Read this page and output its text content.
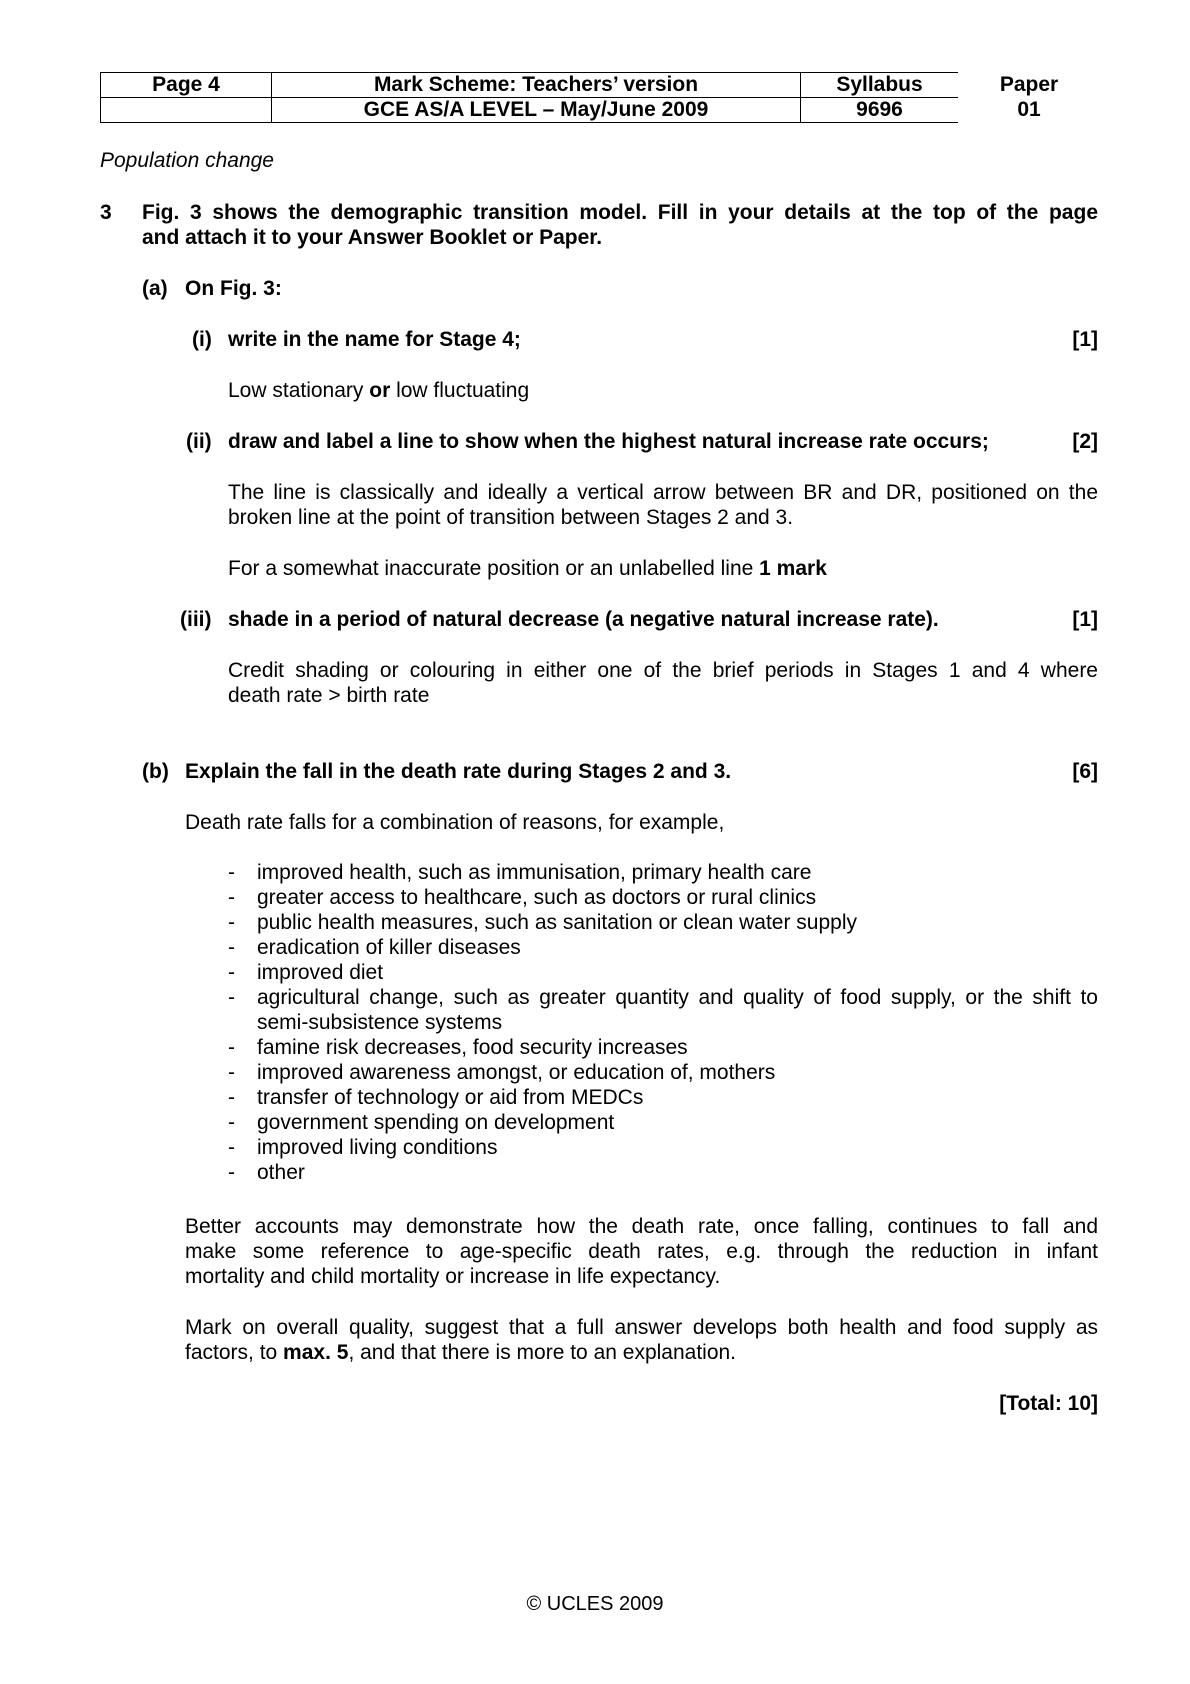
Page 4	Mark Scheme: Teachers’ version	Syllabus	Paper
	GCE AS/A LEVEL – May/June 2009	9696	01
Population change
3 Fig. 3 shows the demographic transition model. Fill in your details at the top of the page
and attach it to your Answer Booklet or Paper.
(a) On Fig. 3:
(i) write in the name for Stage 4;	[1]
Low stationary or low fluctuating
(ii) draw and label a line to show when the highest natural increase rate occurs;	[2]
The line is classically and ideally a vertical arrow between BR and DR, positioned on the
broken line at the point of transition between Stages 2 and 3.
For a somewhat inaccurate position or an unlabelled line 1 mark
(iii) shade in a period of natural decrease (a negative natural increase rate).	[1]
Credit shading or colouring in either one of the brief periods in Stages 1 and 4 where
death rate > birth rate
(b) Explain the fall in the death rate during Stages 2 and 3.	[6]
Death rate falls for a combination of reasons, for example,
- improved health, such as immunisation, primary health care
- greater access to healthcare, such as doctors or rural clinics
- public health measures, such as sanitation or clean water supply
- eradication of killer diseases
- improved diet
- agricultural change, such as greater quantity and quality of food supply, or the shift to semi-subsistence systems
- famine risk decreases, food security increases
- improved awareness amongst, or education of, mothers
- transfer of technology or aid from MEDCs
- government spending on development
- improved living conditions
- other
Better accounts may demonstrate how the death rate, once falling, continues to fall and
make some reference to age-specific death rates, e.g. through the reduction in infant
mortality and child mortality or increase in life expectancy.
Mark on overall quality, suggest that a full answer develops both health and food supply as
factors, to max. 5, and that there is more to an explanation.
[Total: 10]
© UCLES 2009
